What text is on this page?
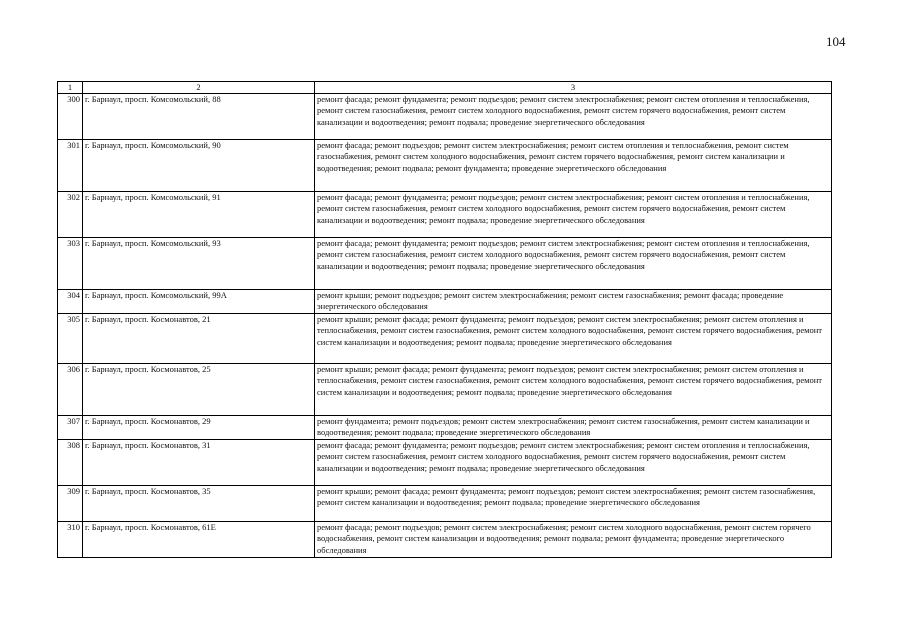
104
1	2	3
300	г. Барнаул, просп. Комсомольский, 88	ремонт фасада; ремонт фундамента; ремонт подъездов; ремонт систем электроснабжения; ремонт систем отопления и теплоснабжения, ремонт систем газоснабжения, ремонт систем холодного водоснабжения, ремонт систем горячего водоснабжения, ремонт систем канализации и водоотведения; ремонт подвала; проведение энергетического обследования
301	г. Барнаул, просп. Комсомольский, 90	ремонт фасада; ремонт подъездов; ремонт систем электроснабжения; ремонт систем отопления и теплоснабжения, ремонт систем газоснабжения, ремонт систем холодного водоснабжения, ремонт систем горячего водоснабжения, ремонт систем канализации и водоотведения; ремонт подвала; ремонт фундамента; проведение энергетического обследования
302	г. Барнаул, просп. Комсомольский, 91	ремонт фасада; ремонт фундамента; ремонт подъездов; ремонт систем электроснабжения; ремонт систем отопления и теплоснабжения, ремонт систем газоснабжения, ремонт систем холодного водоснабжения, ремонт систем горячего водоснабжения, ремонт систем канализации и водоотведения; ремонт подвала; проведение энергетического обследования
303	г. Барнаул, просп. Комсомольский, 93	ремонт фасада; ремонт фундамента; ремонт подъездов; ремонт систем электроснабжения; ремонт систем отопления и теплоснабжения, ремонт систем газоснабжения, ремонт систем холодного водоснабжения, ремонт систем горячего водоснабжения, ремонт систем канализации и водоотведения; ремонт подвала; проведение энергетического обследования
304	г. Барнаул, просп. Комсомольский, 99А	ремонт крыши; ремонт подъездов; ремонт систем электроснабжения; ремонт систем газоснабжения; ремонт фасада; проведение энергетического обследования
305	г. Барнаул, просп. Космонавтов, 21	ремонт крыши; ремонт фасада; ремонт фундамента; ремонт подъездов; ремонт систем электроснабжения; ремонт систем отопления и теплоснабжения, ремонт систем газоснабжения, ремонт систем холодного водоснабжения, ремонт систем горячего водоснабжения, ремонт систем канализации и водоотведения; ремонт подвала; проведение энергетического обследования
306	г. Барнаул, просп. Космонавтов, 25	ремонт крыши; ремонт фасада; ремонт фундамента; ремонт подъездов; ремонт систем электроснабжения; ремонт систем отопления и теплоснабжения, ремонт систем газоснабжения, ремонт систем холодного водоснабжения, ремонт систем горячего водоснабжения, ремонт систем канализации и водоотведения; ремонт подвала; проведение энергетического обследования
307	г. Барнаул, просп. Космонавтов, 29	ремонт фундамента; ремонт подъездов; ремонт систем электроснабжения; ремонт систем газоснабжения, ремонт систем канализации и водоотведения; ремонт подвала; проведение энергетического обследования
308	г. Барнаул, просп. Космонавтов, 31	ремонт фасада; ремонт фундамента; ремонт подъездов; ремонт систем электроснабжения; ремонт систем отопления и теплоснабжения, ремонт систем газоснабжения, ремонт систем холодного водоснабжения, ремонт систем горячего водоснабжения, ремонт систем канализации и водоотведения; ремонт подвала; проведение энергетического обследования
309	г. Барнаул, просп. Космонавтов, 35	ремонт крыши; ремонт фасада; ремонт фундамента; ремонт подъездов; ремонт систем электроснабжения; ремонт систем газоснабжения, ремонт систем канализации и водоотведения; ремонт подвала; проведение энергетического обследования
310	г. Барнаул, просп. Космонавтов, 61Е	ремонт фасада; ремонт подъездов; ремонт систем электроснабжения; ремонт систем холодного водоснабжения, ремонт систем горячего водоснабжения, ремонт систем канализации и водоотведения; ремонт подвала; ремонт фундамента; проведение энергетического обследования
